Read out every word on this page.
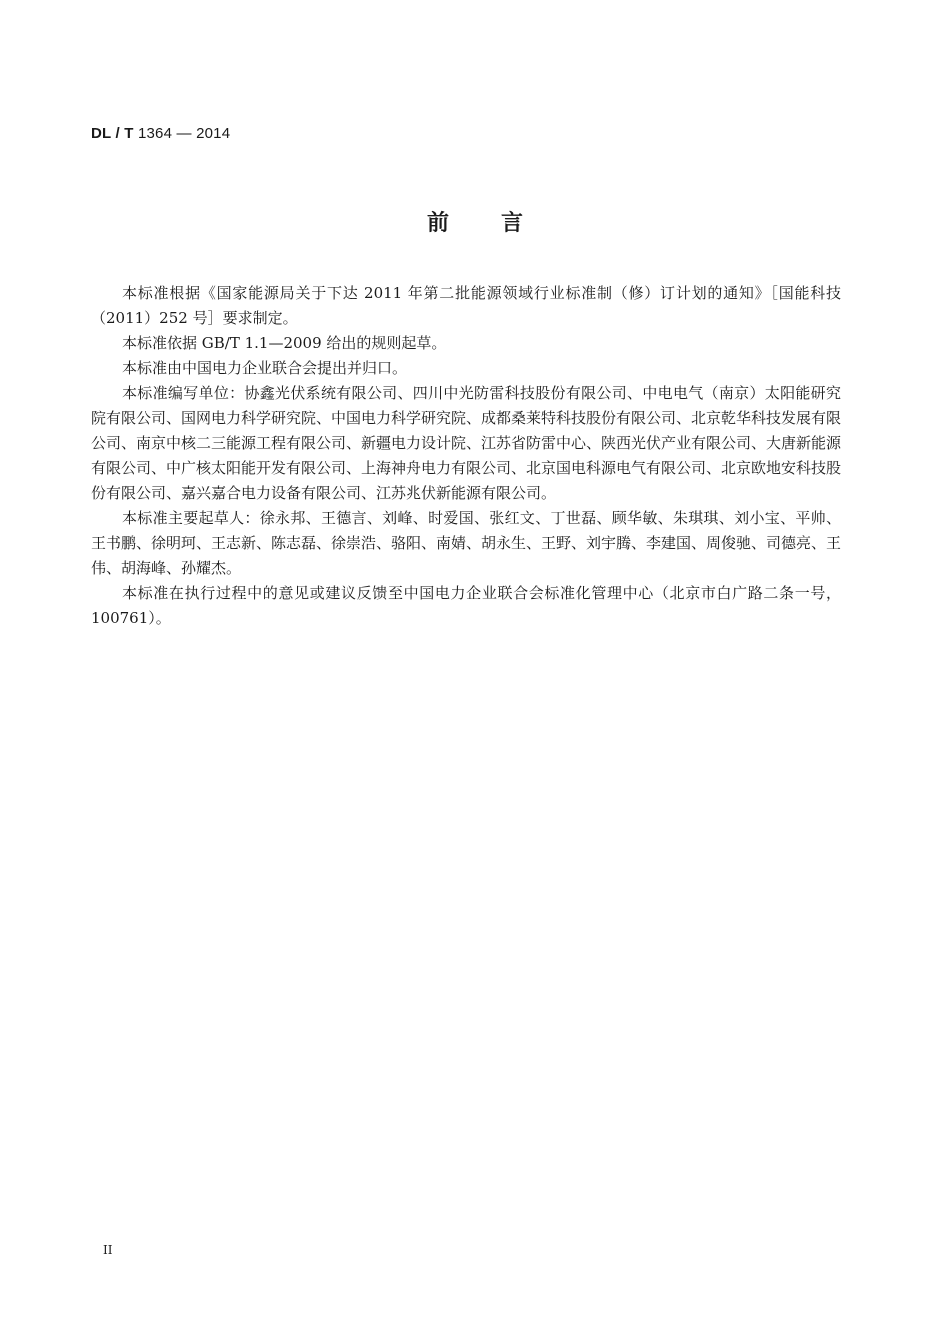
DL / T 1364 — 2014
前言

本标准根据《国家能源局关于下达 2011 年第二批能源领域行业标准制（修）订计划的通知》［国能科技（2011）252 号］要求制定。

本标准依据 GB/T 1.1—2009 给出的规则起草。

本标准由中国电力企业联合会提出并归口。

本标准编写单位：协鑫光伏系统有限公司、四川中光防雷科技股份有限公司、中电电气（南京）太阳能研究院有限公司、国网电力科学研究院、中国电力科学研究院、成都桑莱特科技股份有限公司、北京乾华科技发展有限公司、南京中核二三能源工程有限公司、新疆电力设计院、江苏省防雷中心、陕西光伏产业有限公司、大唐新能源有限公司、中广核太阳能开发有限公司、上海神舟电力有限公司、北京国电科源电气有限公司、北京欧地安科技股份有限公司、嘉兴嘉合电力设备有限公司、江苏兆伏新能源有限公司。

本标准主要起草人：徐永邦、王德言、刘峰、时爱国、张红文、丁世磊、顾华敏、朱琪琪、刘小宝、平帅、王书鹏、徐明珂、王志新、陈志磊、徐崇浩、骆阳、南婧、胡永生、王野、刘宇腾、李建国、周俊驰、司德亮、王伟、胡海峰、孙耀杰。

本标准在执行过程中的意见或建议反馈至中国电力企业联合会标准化管理中心（北京市白广路二条一号，100761）。

II
